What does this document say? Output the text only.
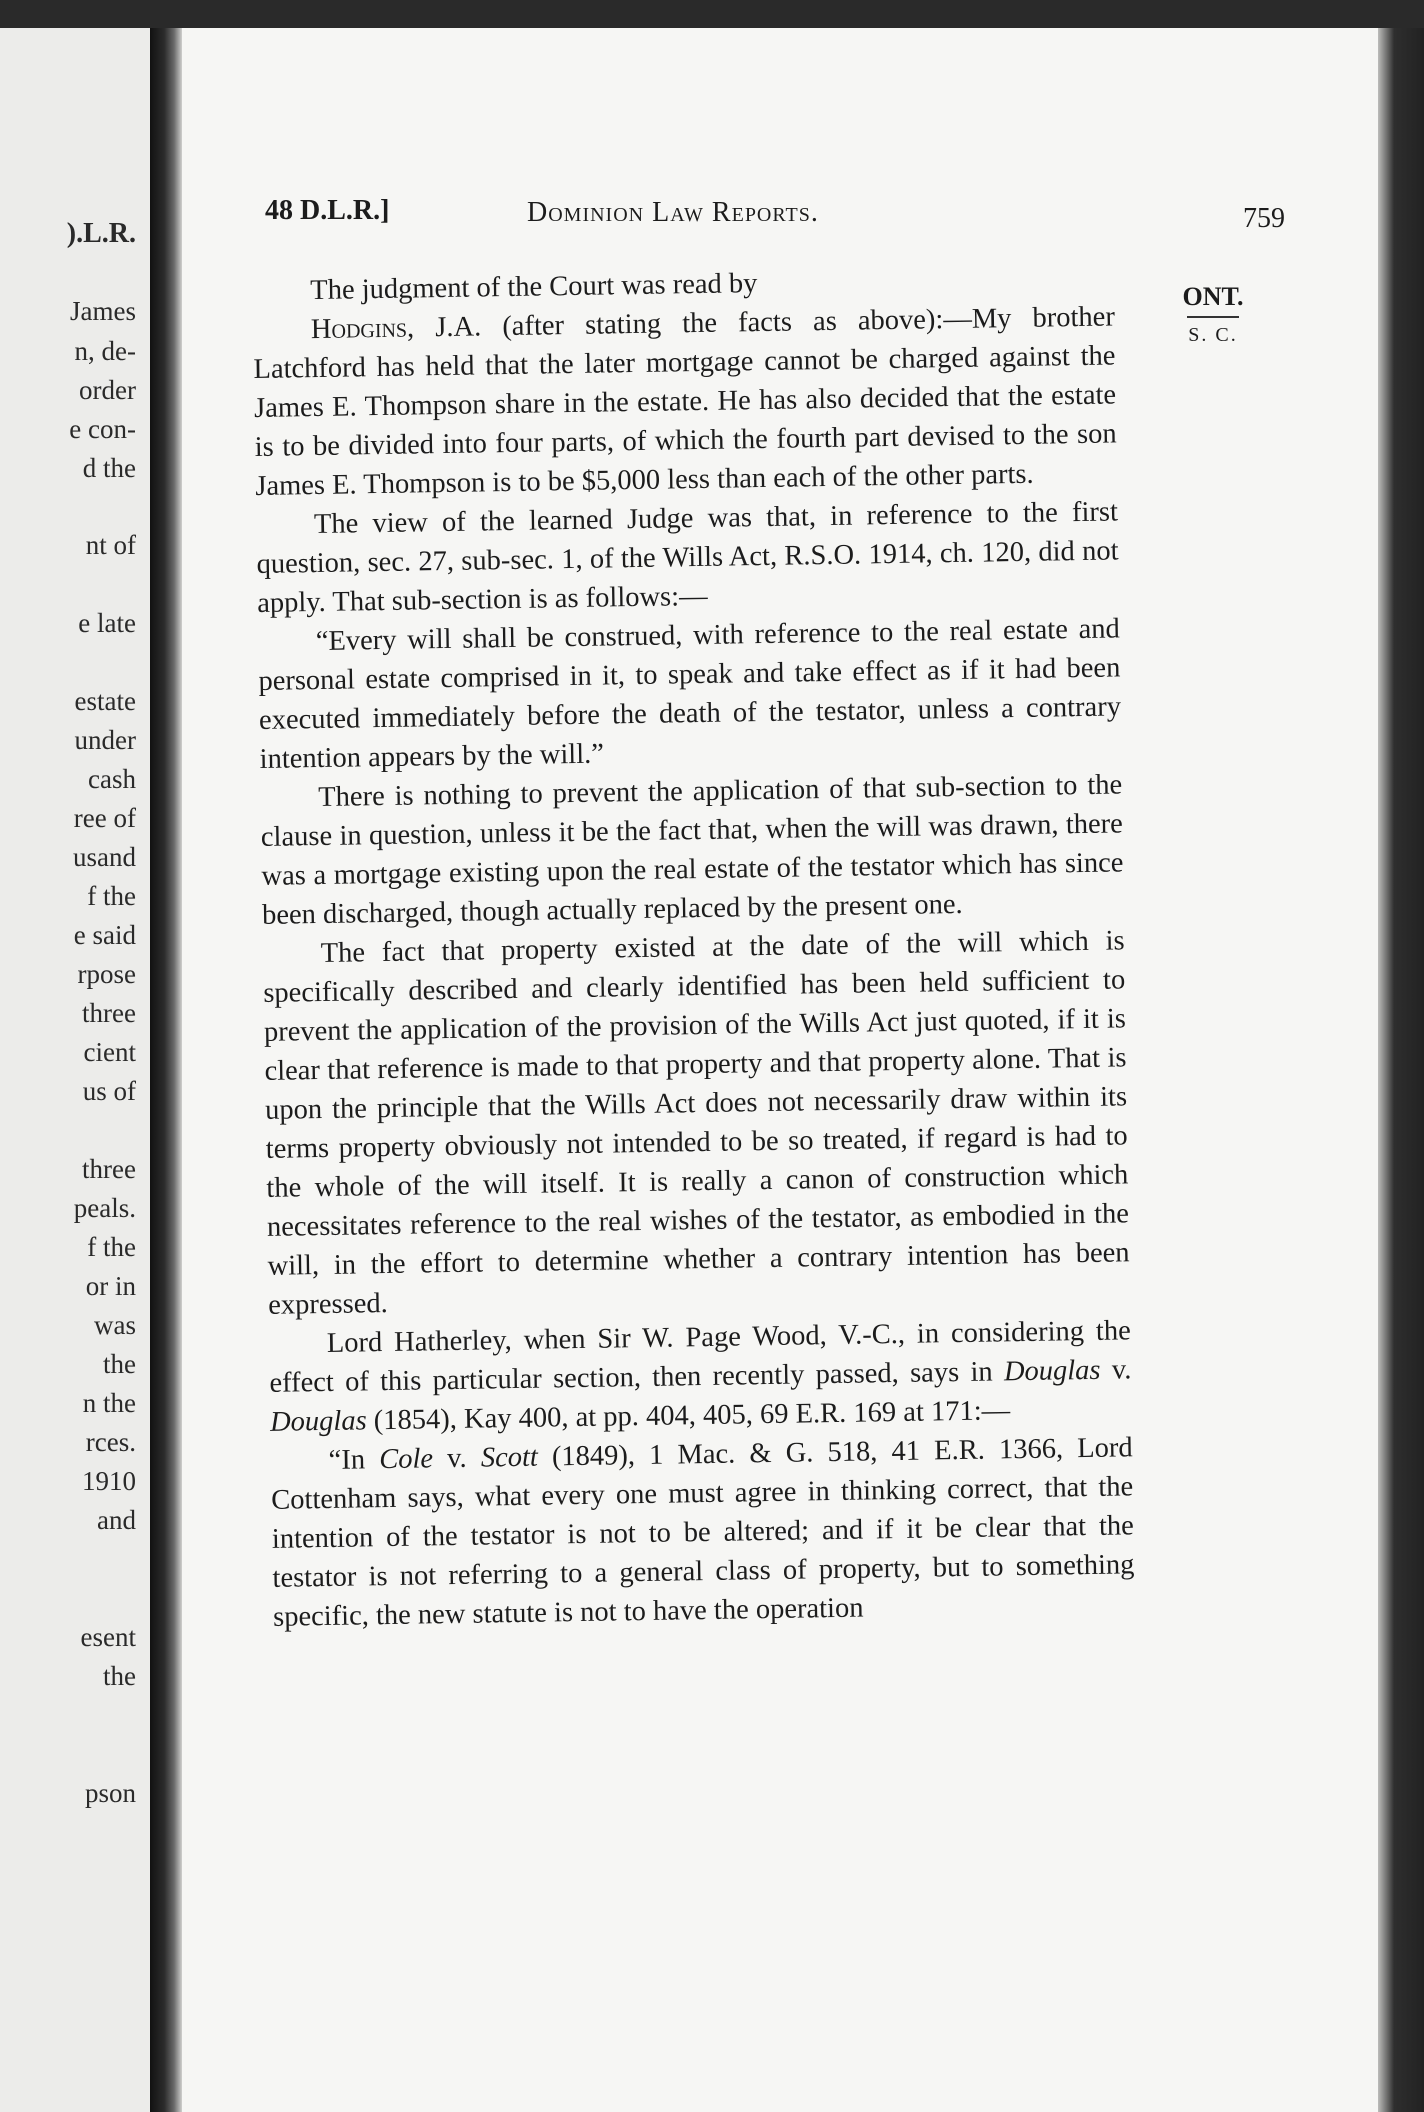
).L.R.
James
n, de-
order
e con-
d the
nt of
e late
estate
under
cash
ree of
usand
f the
e said
rpose
three
cient
us of
three
peals.
f the
or in
was
the
n the
rces.
1910
and
esent
the
pson
48 D.L.R.]	Dominion Law Reports.	759
ONT.
S. C.

The judgment of the Court was read by

Hodgins, J.A. (after stating the facts as above):—My brother Latchford has held that the later mortgage cannot be charged against the James E. Thompson share in the estate. He has also decided that the estate is to be divided into four parts, of which the fourth part devised to the son James E. Thompson is to be $5,000 less than each of the other parts.

The view of the learned Judge was that, in reference to the first question, sec. 27, sub-sec. 1, of the Wills Act, R.S.O. 1914, ch. 120, did not apply. That sub-section is as follows:—

“Every will shall be construed, with reference to the real estate and personal estate comprised in it, to speak and take effect as if it had been executed immediately before the death of the testator, unless a contrary intention appears by the will.”

There is nothing to prevent the application of that sub-section to the clause in question, unless it be the fact that, when the will was drawn, there was a mortgage existing upon the real estate of the testator which has since been discharged, though actually replaced by the present one.

The fact that property existed at the date of the will which is specifically described and clearly identified has been held sufficient to prevent the application of the provision of the Wills Act just quoted, if it is clear that reference is made to that property and that property alone. That is upon the principle that the Wills Act does not necessarily draw within its terms property obviously not intended to be so treated, if regard is had to the whole of the will itself. It is really a canon of construction which necessitates reference to the real wishes of the testator, as embodied in the will, in the effort to determine whether a contrary intention has been expressed.

Lord Hatherley, when Sir W. Page Wood, V.-C., in considering the effect of this particular section, then recently passed, says in Douglas v. Douglas (1854), Kay 400, at pp. 404, 405, 69 E.R. 169 at 171:—

“In Cole v. Scott (1849), 1 Mac. & G. 518, 41 E.R. 1366, Lord Cottenham says, what every one must agree in thinking correct, that the intention of the testator is not to be altered; and if it be clear that the testator is not referring to a general class of property, but to something specific, the new statute is not to have the operation
